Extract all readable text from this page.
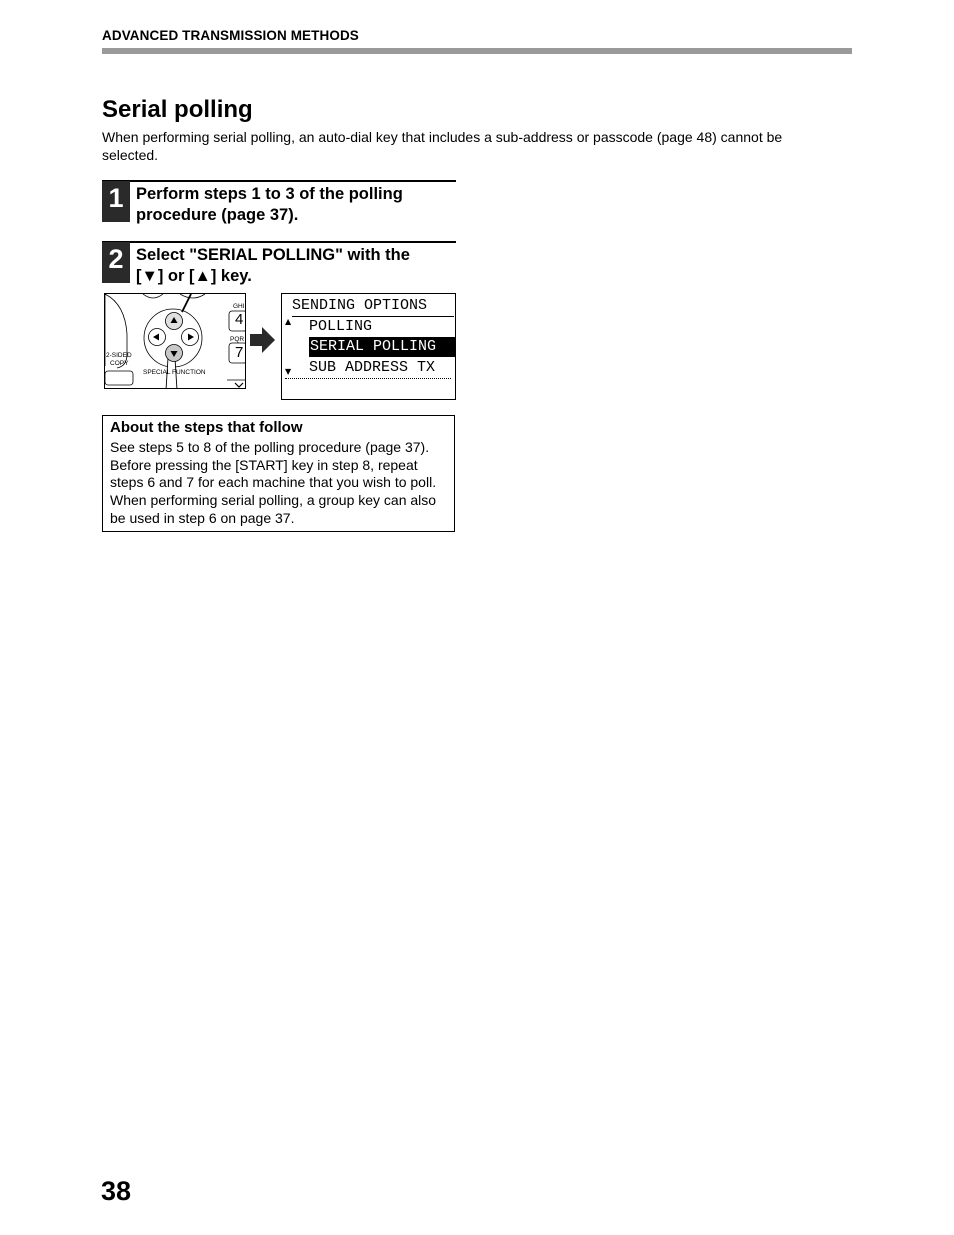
ADVANCED TRANSMISSION METHODS
Serial polling

When performing serial polling, an auto-dial key that includes a sub-address or passcode (page 48) cannot be selected.

1 Perform steps 1 to 3 of the polling
procedure (page 37).
2 Select "SERIAL POLLING" with the
[▼] or [▲] key.
GHI
4
PQR
7
2-SIDED
COPY
SPECIAL FUNCTION
SENDING OPTIONS
▲ POLLING
SERIAL POLLING
▼ SUB ADDRESS TX
About the steps that follow
See steps 5 to 8 of the polling procedure (page 37).
Before pressing the [START] key in step 8, repeat
steps 6 and 7 for each machine that you wish to poll.
When performing serial polling, a group key can also
be used in step 6 on page 37.
38
